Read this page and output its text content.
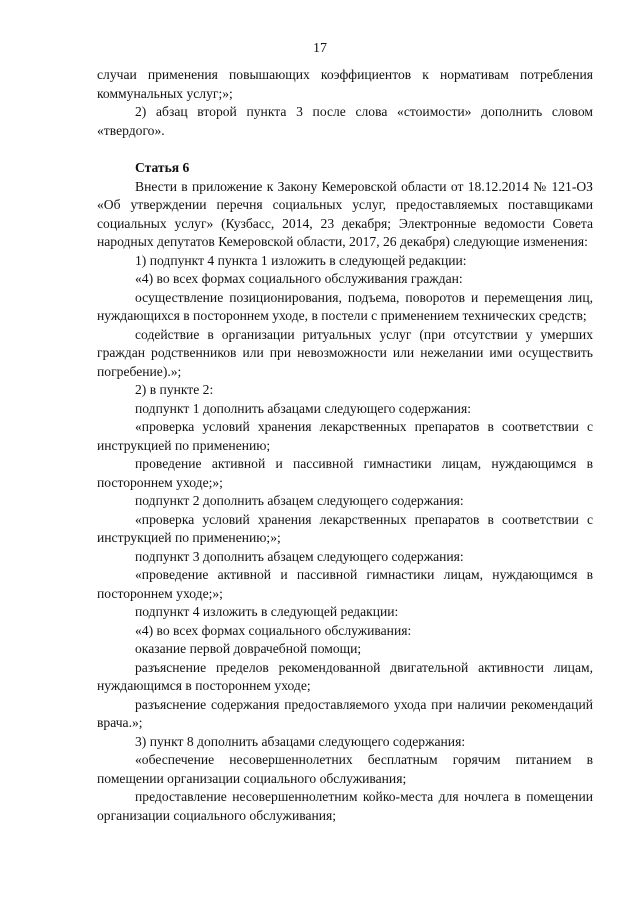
17

случаи применения повышающих коэффициентов к нормативам потребления коммунальных услуг;»;

2) абзац второй пункта 3 после слова «стоимости» дополнить словом «твердого».

Статья 6

Внести в приложение к Закону Кемеровской области от 18.12.2014 № 121-ОЗ «Об утверждении перечня социальных услуг, предоставляемых поставщиками социальных услуг» (Кузбасс, 2014, 23 декабря; Электронные ведомости Совета народных депутатов Кемеровской области, 2017, 26 декабря) следующие изменения:

1) подпункт 4 пункта 1 изложить в следующей редакции:

«4) во всех формах социального обслуживания граждан:

осуществление позиционирования, подъема, поворотов и перемещения лиц, нуждающихся в постороннем уходе, в постели с применением технических средств;

содействие в организации ритуальных услуг (при отсутствии у умерших граждан родственников или при невозможности или нежелании ими осуществить погребение).»;

2) в пункте 2:

подпункт 1 дополнить абзацами следующего содержания:

«проверка условий хранения лекарственных препаратов в соответствии с инструкцией по применению;

проведение активной и пассивной гимнастики лицам, нуждающимся в постороннем уходе;»;

подпункт 2 дополнить абзацем следующего содержания:

«проверка условий хранения лекарственных препаратов в соответствии с инструкцией по применению;»;

подпункт 3 дополнить абзацем следующего содержания:

«проведение активной и пассивной гимнастики лицам, нуждающимся в постороннем уходе;»;

подпункт 4 изложить в следующей редакции:

«4) во всех формах социального обслуживания:

оказание первой доврачебной помощи;

разъяснение пределов рекомендованной двигательной активности лицам, нуждающимся в постороннем уходе;

разъяснение содержания предоставляемого ухода при наличии рекомендаций врача.»;

3) пункт 8 дополнить абзацами следующего содержания:

«обеспечение несовершеннолетних бесплатным горячим питанием в помещении организации социального обслуживания;

предоставление несовершеннолетним койко-места для ночлега в помещении организации социального обслуживания;
